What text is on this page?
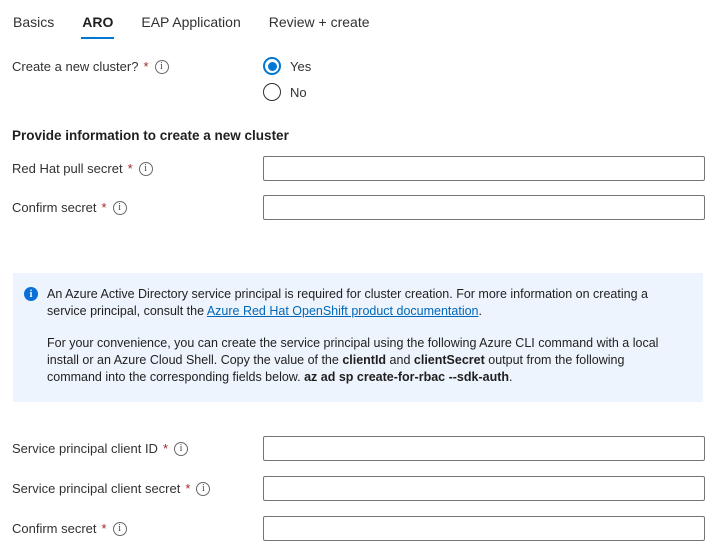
Basics ARO EAP Application Review + create
Create a new cluster? *	i	Yes
No
Provide information to create a new cluster
Red Hat pull secret *	i
Confirm secret *	i
i	An Azure Active Directory service principal is required for cluster creation. For more information on creating a service principal, consult the Azure Red Hat OpenShift product documentation.

For your convenience, you can create the service principal using the following Azure CLI command with a local install or an Azure Cloud Shell. Copy the value of the clientId and clientSecret output from the following command into the corresponding fields below. az ad sp create-for-rbac --sdk-auth.

Service principal client ID *	i
Service principal client secret *	i
Confirm secret *	i
